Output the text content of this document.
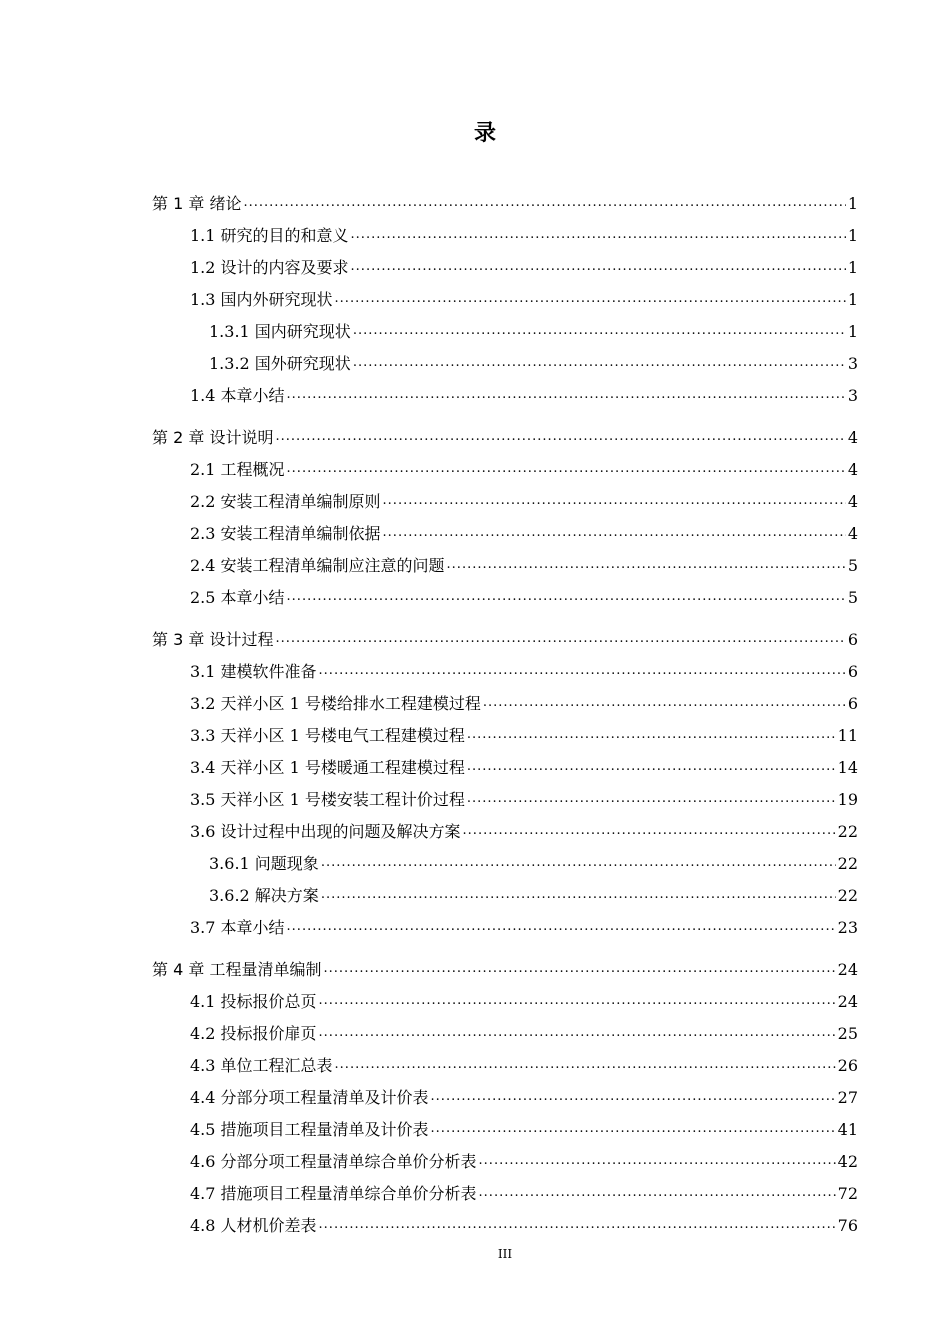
录
第 1 章 绪论 .....	1
1.1 研究的目的和意义 .....	1
1.2 设计的内容及要求 .....	1
1.3 国内外研究现状 .....	1
1.3.1 国内研究现状 .....	1
1.3.2 国外研究现状 .....	3
1.4 本章小结 .....	3
第 2 章 设计说明 .....	4
2.1 工程概况 .....	4
2.2 安装工程清单编制原则 .....	4
2.3 安装工程清单编制依据 .....	4
2.4 安装工程清单编制应注意的问题 .....	5
2.5 本章小结 .....	5
第 3 章 设计过程 .....	6
3.1 建模软件准备 .....	6
3.2 天祥小区 1 号楼给排水工程建模过程 .....	6
3.3 天祥小区 1 号楼电气工程建模过程 .....	11
3.4 天祥小区 1 号楼暖通工程建模过程 .....	14
3.5 天祥小区 1 号楼安装工程计价过程 .....	19
3.6 设计过程中出现的问题及解决方案 .....	22
3.6.1 问题现象 .....	22
3.6.2 解决方案 .....	22
3.7 本章小结 .....	23
第 4 章 工程量清单编制 .....	24
4.1 投标报价总页 .....	24
4.2 投标报价扉页 .....	25
4.3 单位工程汇总表 .....	26
4.4 分部分项工程量清单及计价表 .....	27
4.5 措施项目工程量清单及计价表 .....	41
4.6 分部分项工程量清单综合单价分析表 .....	42
4.7 措施项目工程量清单综合单价分析表 .....	72
4.8 人材机价差表 .....	76
III
